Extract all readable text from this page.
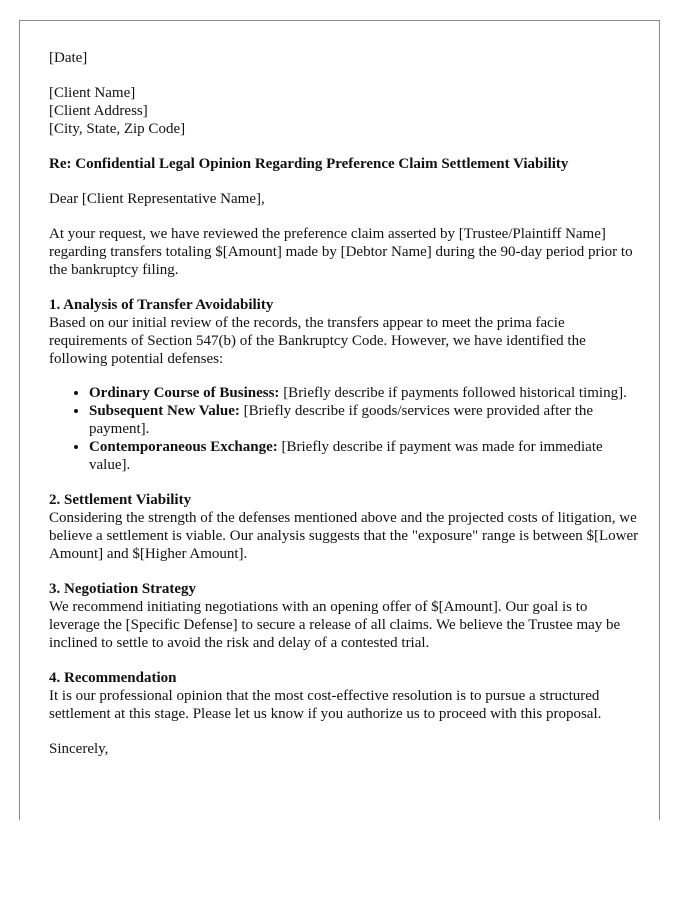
[Date]

[Client Name]

[Client Address]

[City, State, Zip Code]

Re: Confidential Legal Opinion Regarding Preference Claim Settlement Viability

Dear [Client Representative Name],

At your request, we have reviewed the preference claim asserted by [Trustee/Plaintiff Name] regarding transfers totaling $[Amount] made by [Debtor Name] during the 90-day period prior to the bankruptcy filing.

1. Analysis of Transfer Avoidability

Based on our initial review of the records, the transfers appear to meet the prima facie requirements of Section 547(b) of the Bankruptcy Code. However, we have identified the following potential defenses:

• Ordinary Course of Business: [Briefly describe if payments followed historical timing].
• Subsequent New Value: [Briefly describe if goods/services were provided after the payment].
• Contemporaneous Exchange: [Briefly describe if payment was made for immediate value].

2. Settlement Viability

Considering the strength of the defenses mentioned above and the projected costs of litigation, we believe a settlement is viable. Our analysis suggests that the "exposure" range is between $[Lower Amount] and $[Higher Amount].

3. Negotiation Strategy

We recommend initiating negotiations with an opening offer of $[Amount]. Our goal is to leverage the [Specific Defense] to secure a release of all claims. We believe the Trustee may be inclined to settle to avoid the risk and delay of a contested trial.

4. Recommendation

It is our professional opinion that the most cost-effective resolution is to pursue a structured settlement at this stage. Please let us know if you authorize us to proceed with this proposal.

Sincerely,
